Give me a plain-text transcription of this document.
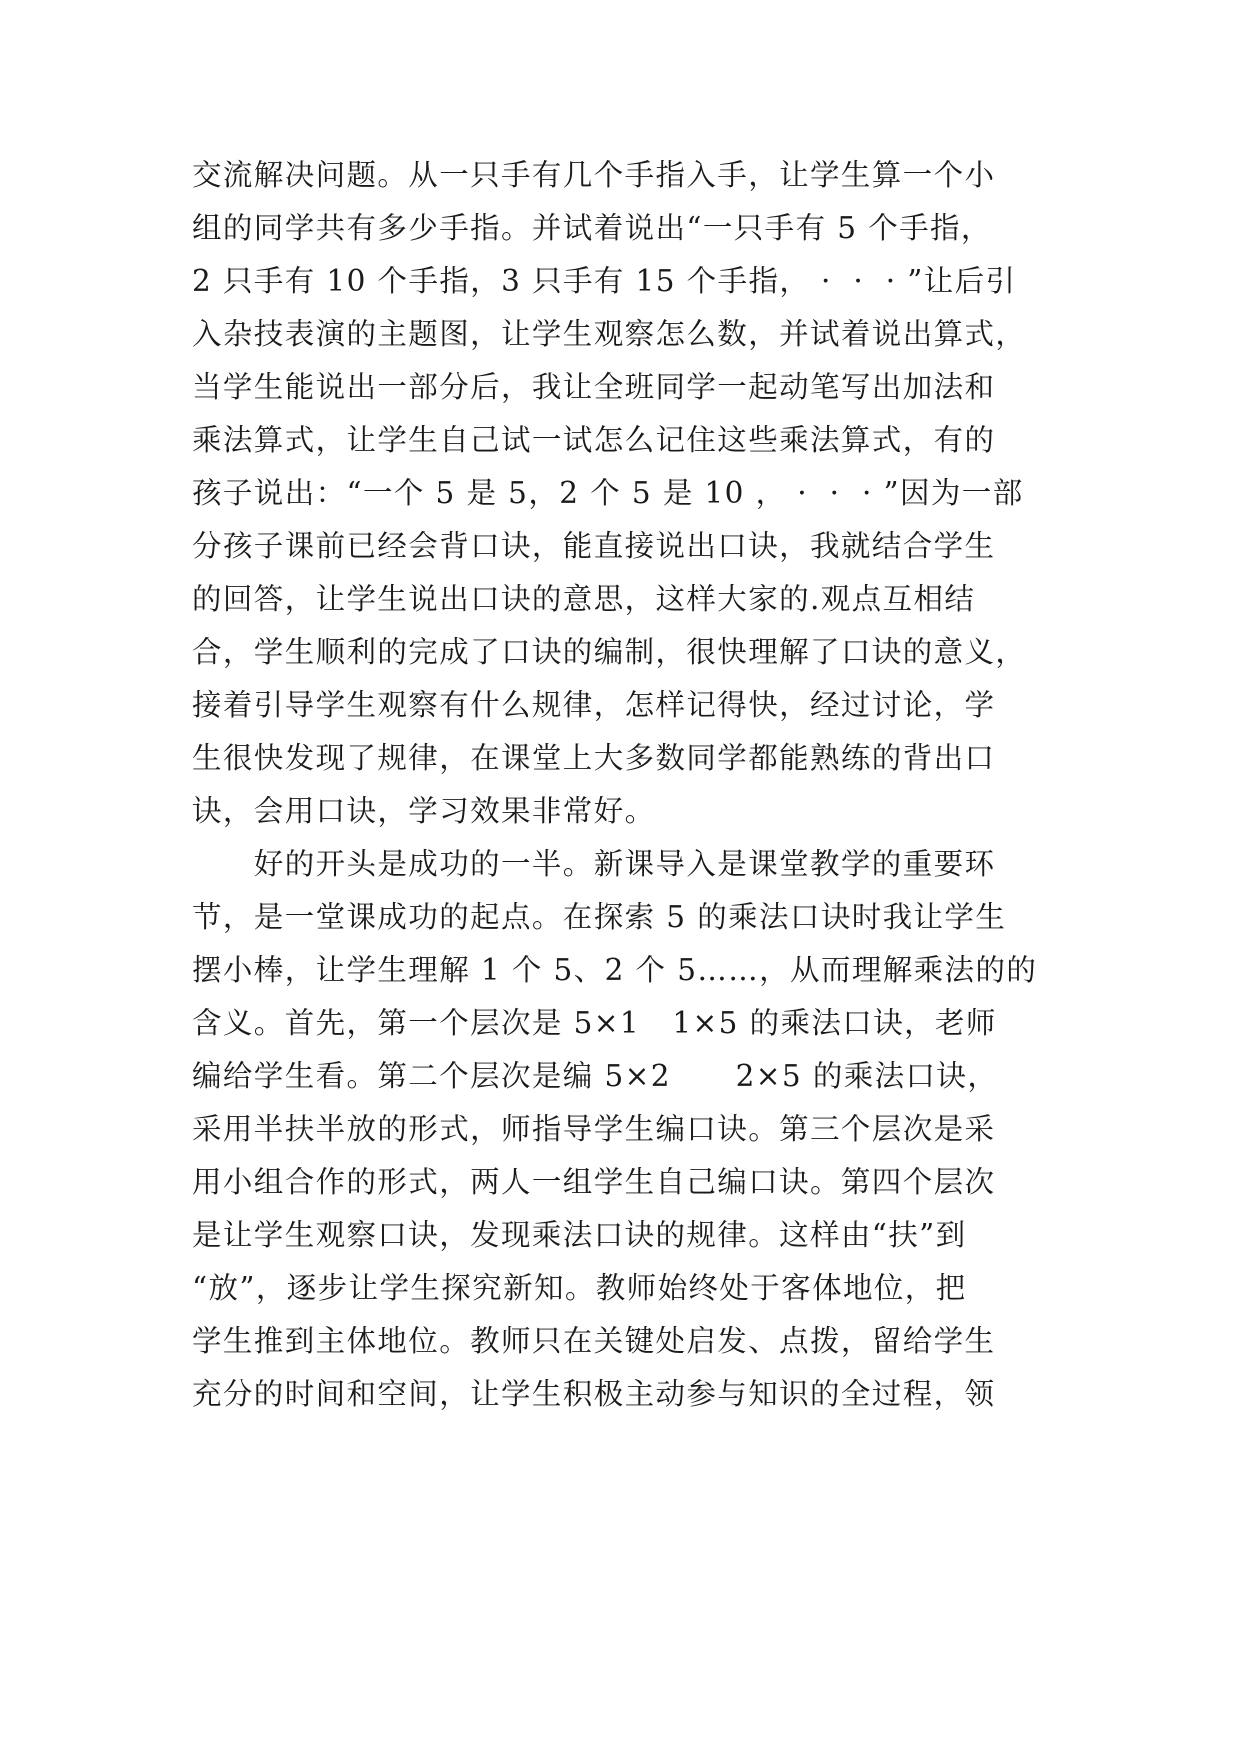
交流解决问题。从一只手有几个手指入手，让学生算一个小
组的同学共有多少手指。并试着说出“一只手有 5 个手指，
2 只手有 10 个手指，3 只手有 15 个手指， ·  ·  · ”让后引
入杂技表演的主题图，让学生观察怎么数，并试着说出算式，
当学生能说出一部分后，我让全班同学一起动笔写出加法和
乘法算式，让学生自己试一试怎么记住这些乘法算式，有的
孩子说出：“一个 5 是 5，2 个 5 是 10 ， ·  ·  · ”因为一部
分孩子课前已经会背口诀，能直接说出口诀，我就结合学生
的回答，让学生说出口诀的意思，这样大家的.观点互相结
合，学生顺利的完成了口诀的编制，很快理解了口诀的意义，
接着引导学生观察有什么规律，怎样记得快，经过讨论，学
生很快发现了规律，在课堂上大多数同学都能熟练的背出口
诀，会用口诀，学习效果非常好。
　　好的开头是成功的一半。新课导入是课堂教学的重要环
节，是一堂课成功的起点。在探索 5 的乘法口诀时我让学生
摆小棒，让学生理解 1 个 5、2 个 5……，从而理解乘法的的
含义。首先，第一个层次是 5×1   1×5 的乘法口诀，老师
编给学生看。第二个层次是编 5×2      2×5 的乘法口诀，
采用半扶半放的形式，师指导学生编口诀。第三个层次是采
用小组合作的形式，两人一组学生自己编口诀。第四个层次
是让学生观察口诀，发现乘法口诀的规律。这样由“扶”到
“放”，逐步让学生探究新知。教师始终处于客体地位，把
学生推到主体地位。教师只在关键处启发、点拨，留给学生
充分的时间和空间，让学生积极主动参与知识的全过程，领
